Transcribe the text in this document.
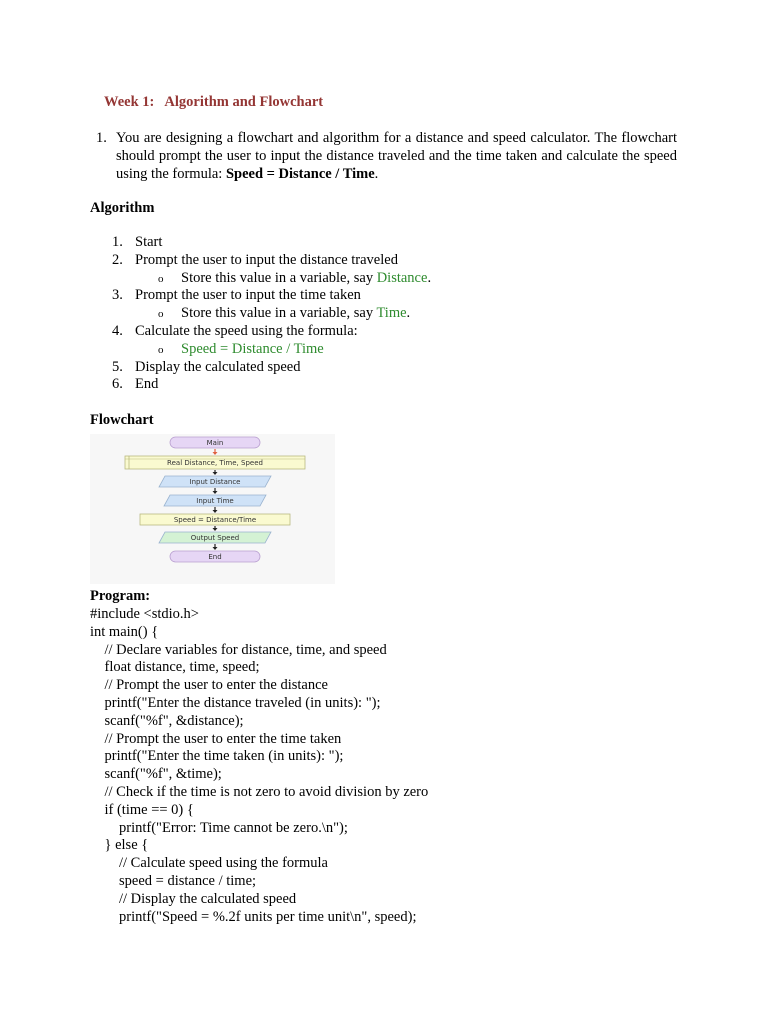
Week 1:   Algorithm and Flowchart
1. You are designing a flowchart and algorithm for a distance and speed calculator. The flowchart should prompt the user to input the distance traveled and the time taken and calculate the speed using the formula: Speed = Distance / Time.
Algorithm
1. Start
2. Prompt the user to input the distance traveled
o Store this value in a variable, say Distance.
3. Prompt the user to input the time taken
o Store this value in a variable, say Time.
4. Calculate the speed using the formula:
o Speed = Distance / Time
5. Display the calculated speed
6. End
Flowchart
Main
Real Distance, Time, Speed
Input Distance
Input Time
Speed = Distance/Time
Output Speed
End
Program:
#include <stdio.h>
int main() {
// Declare variables for distance, time, and speed
float distance, time, speed;
// Prompt the user to enter the distance
printf("Enter the distance traveled (in units): ");
scanf("%f", &distance);
// Prompt the user to enter the time taken
printf("Enter the time taken (in units): ");
scanf("%f", &time);
// Check if the time is not zero to avoid division by zero
if (time == 0) {
printf("Error: Time cannot be zero.\n");
} else {
// Calculate speed using the formula
speed = distance / time;
// Display the calculated speed
printf("Speed = %.2f units per time unit\n", speed);
